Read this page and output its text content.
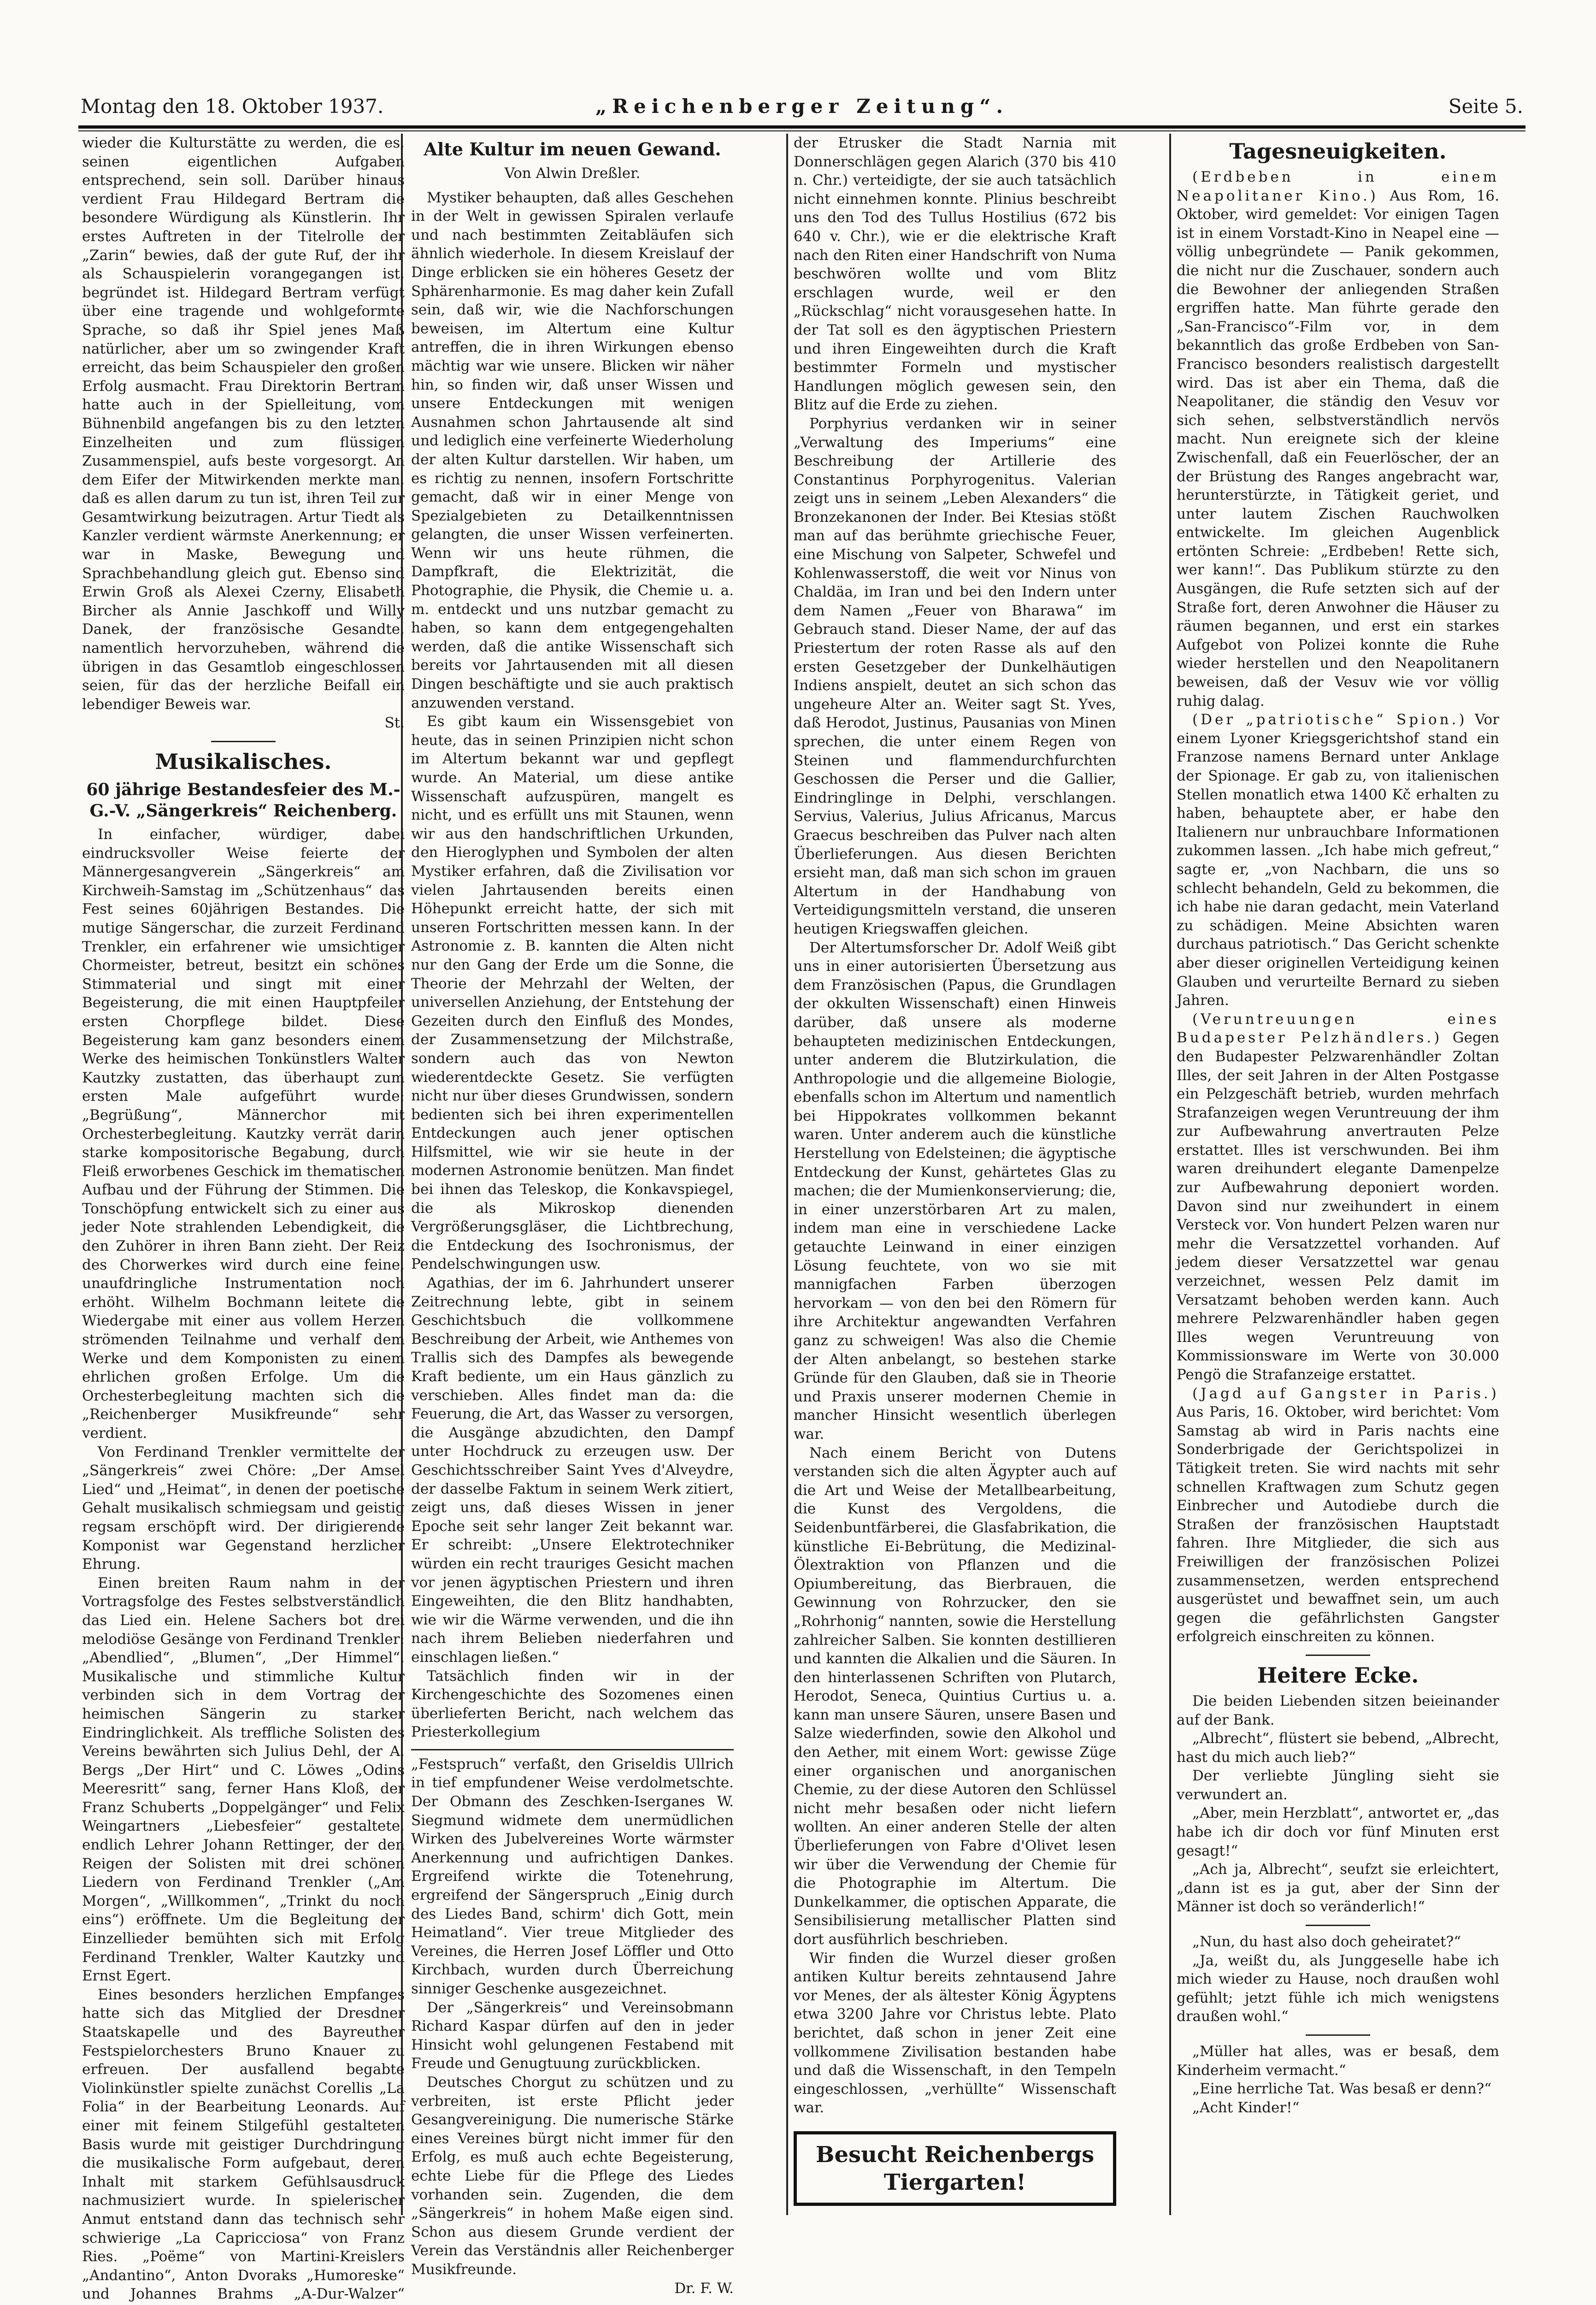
Montag den 18. Oktober 1937.	„Reichenberger Zeitung“.	Seite 5.

wieder die Kulturstätte zu werden, die es, seinen eigentlichen Aufgaben entsprechend, sein soll. Darüber hinaus verdient Frau Hildegard Bertram die besondere Würdigung als Künstlerin. Ihr erstes Auftreten in der Titelrolle der „Zarin“ bewies, daß der gute Ruf, der ihr als Schauspielerin vorangegangen ist, begründet ist. Hildegard Bertram verfügt über eine tragende und wohlgeformte Sprache, so daß ihr Spiel jenes Maß natürlicher, aber um so zwingender Kraft erreicht, das beim Schauspieler den großen Erfolg ausmacht. Frau Direktorin Bertram hatte auch in der Spielleitung, vom Bühnenbild angefangen bis zu den letzten Einzelheiten und zum flüssigen Zusammenspiel, aufs beste vorgesorgt. An dem Eifer der Mitwirkenden merkte man, daß es allen darum zu tun ist, ihren Teil zur Gesamtwirkung beizutragen. Artur Tiedt als Kanzler verdient wärmste Anerkennung; er war in Maske, Bewegung und Sprachbehandlung gleich gut. Ebenso sind Erwin Groß als Alexei Czerny, Elisabeth Bircher als Annie Jaschkoff und Willy Danek, der französische Gesandte, namentlich hervorzuheben, während die übrigen in das Gesamtlob eingeschlossen seien, für das der herzliche Beifall ein lebendiger Beweis war.

St.
Musikalisches.
60 jährige Bestandesfeier des M.-G.-V. „Sängerkreis“ Reichenberg.

In einfacher, würdiger, dabei eindrucksvoller Weise feierte der Männergesangverein „Sängerkreis“ am Kirchweih-Samstag im „Schützenhaus“ das Fest seines 60jährigen Bestandes. Die mutige Sängerschar, die zurzeit Ferdinand Trenkler, ein erfahrener wie umsichtiger Chormeister, betreut, besitzt ein schönes Stimmaterial und singt mit einer Begeisterung, die mit einen Hauptpfeiler ersten Chorpflege bildet. Diese Begeisterung kam ganz besonders einem Werke des heimischen Tonkünstlers Walter Kautzky zustatten, das überhaupt zum ersten Male aufgeführt wurde: „Begrüßung“, Männerchor mit Orchesterbegleitung. Kautzky verrät darin starke kompositorische Begabung, durch Fleiß erworbenes Geschick im thematischen Aufbau und der Führung der Stimmen. Die Tonschöpfung entwickelt sich zu einer aus jeder Note strahlenden Lebendigkeit, die den Zuhörer in ihren Bann zieht. Der Reiz des Chorwerkes wird durch eine feine, unaufdringliche Instrumentation noch erhöht. Wilhelm Bochmann leitete die Wiedergabe mit einer aus vollem Herzen strömenden Teilnahme und verhalf dem Werke und dem Komponisten zu einem ehrlichen großen Erfolge. Um die Orchesterbegleitung machten sich die „Reichenberger Musikfreunde“ sehr verdient.

Von Ferdinand Trenkler vermittelte der „Sängerkreis“ zwei Chöre: „Der Amsel Lied“ und „Heimat“, in denen der poetische Gehalt musikalisch schmiegsam und geistig regsam erschöpft wird. Der dirigierende Komponist war Gegenstand herzlicher Ehrung.

Einen breiten Raum nahm in der Vortragsfolge des Festes selbstverständlich das Lied ein. Helene Sachers bot drei melodiöse Gesänge von Ferdinand Trenkler: „Abendlied“, „Blumen“, „Der Himmel“. Musikalische und stimmliche Kultur verbinden sich in dem Vortrag der heimischen Sängerin zu starker Eindringlichkeit. Als treffliche Solisten des Vereins bewährten sich Julius Dehl, der A. Bergs „Der Hirt“ und C. Löwes „Odins Meeresritt“ sang, ferner Hans Kloß, der Franz Schuberts „Doppelgänger“ und Felix Weingartners „Liebesfeier“ gestaltete, endlich Lehrer Johann Rettinger, der den Reigen der Solisten mit drei schönen Liedern von Ferdinand Trenkler („Am Morgen“, „Willkommen“, „Trinkt du noch eins“) eröffnete. Um die Begleitung der Einzellieder bemühten sich mit Erfolg Ferdinand Trenkler, Walter Kautzky und Ernst Egert.

Eines besonders herzlichen Empfanges hatte sich das Mitglied der Dresdner Staatskapelle und des Bayreuther Festspielorchesters Bruno Knauer zu erfreuen. Der ausfallend begabte Violinkünstler spielte zunächst Corellis „La Folia“ in der Bearbeitung Leonards. Auf einer mit feinem Stilgefühl gestalteten Basis wurde mit geistiger Durchdringung die musikalische Form aufgebaut, deren Inhalt mit starkem Gefühlsausdruck nachmusiziert wurde. In spielerischer Anmut entstand dann das technisch sehr schwierige „La Capricciosa“ von Franz Ries. „Poëme“ von Martini-Kreislers „Andantino“, Anton Dvoraks „Humoreske“ und Johannes Brahms „A-Dur-Walzer“

Alte Kultur im neuen Gewand.
Von Alwin Dreßler.

Mystiker behaupten, daß alles Geschehen in der Welt in gewissen Spiralen verlaufe und nach bestimmten Zeitabläufen sich ähnlich wiederhole. In diesem Kreislauf der Dinge erblicken sie ein höheres Gesetz der Sphärenharmonie. Es mag daher kein Zufall sein, daß wir, wie die Nachforschungen beweisen, im Altertum eine Kultur antreffen, die in ihren Wirkungen ebenso mächtig war wie unsere. Blicken wir näher hin, so finden wir, daß unser Wissen und unsere Entdeckungen mit wenigen Ausnahmen schon Jahrtausende alt sind und lediglich eine verfeinerte Wiederholung der alten Kultur darstellen. Wir haben, um es richtig zu nennen, insofern Fortschritte gemacht, daß wir in einer Menge von Spezialgebieten zu Detailkenntnissen gelangten, die unser Wissen verfeinerten. Wenn wir uns heute rühmen, die Dampfkraft, die Elektrizität, die Photographie, die Physik, die Chemie u. a. m. entdeckt und uns nutzbar gemacht zu haben, so kann dem entgegengehalten werden, daß die antike Wissenschaft sich bereits vor Jahrtausenden mit all diesen Dingen beschäftigte und sie auch praktisch anzuwenden verstand.

Es gibt kaum ein Wissensgebiet von heute, das in seinen Prinzipien nicht schon im Altertum bekannt war und gepflegt wurde. An Material, um diese antike Wissenschaft aufzuspüren, mangelt es nicht, und es erfüllt uns mit Staunen, wenn wir aus den handschriftlichen Urkunden, den Hieroglyphen und Symbolen der alten Mystiker erfahren, daß die Zivilisation vor vielen Jahrtausenden bereits einen Höhepunkt erreicht hatte, der sich mit unseren Fortschritten messen kann. In der Astronomie z. B. kannten die Alten nicht nur den Gang der Erde um die Sonne, die Theorie der Mehrzahl der Welten, der universellen Anziehung, der Entstehung der Gezeiten durch den Einfluß des Mondes, der Zusammensetzung der Milchstraße, sondern auch das von Newton wiederentdeckte Gesetz. Sie verfügten nicht nur über dieses Grundwissen, sondern bedienten sich bei ihren experimentellen Entdeckungen auch jener optischen Hilfsmittel, wie wir sie heute in der modernen Astronomie benützen. Man findet bei ihnen das Teleskop, die Konkavspiegel, die als Mikroskop dienenden Vergrößerungsgläser, die Lichtbrechung, die Entdeckung des Isochronismus, der Pendelschwingungen usw.

Agathias, der im 6. Jahrhundert unserer Zeitrechnung lebte, gibt in seinem Geschichtsbuch die vollkommene Beschreibung der Arbeit, wie Anthemes von Trallis sich des Dampfes als bewegende Kraft bediente, um ein Haus gänzlich zu verschieben. Alles findet man da: die Feuerung, die Art, das Wasser zu versorgen, die Ausgänge abzudichten, den Dampf unter Hochdruck zu erzeugen usw. Der Geschichtsschreiber Saint Yves d'Alveydre, der dasselbe Faktum in seinem Werk zitiert, zeigt uns, daß dieses Wissen in jener Epoche seit sehr langer Zeit bekannt war. Er schreibt: „Unsere Elektrotechniker würden ein recht trauriges Gesicht machen vor jenen ägyptischen Priestern und ihren Eingeweihten, die den Blitz handhabten, wie wir die Wärme verwenden, und die ihn nach ihrem Belieben niederfahren und einschlagen ließen.“

Tatsächlich finden wir in der Kirchengeschichte des Sozomenes einen überlieferten Bericht, nach welchem das Priesterkollegium

„Festspruch“ verfaßt, den Griseldis Ullrich in tief empfundener Weise verdolmetschte. Der Obmann des Zeschken-Iserganes W. Siegmund widmete dem unermüdlichen Wirken des Jubelvereines Worte wärmster Anerkennung und aufrichtigen Dankes. Ergreifend wirkte die Totenehrung, ergreifend der Sängerspruch „Einig durch des Liedes Band, schirm' dich Gott, mein Heimatland“. Vier treue Mitglieder des Vereines, die Herren Josef Löffler und Otto Kirchbach, wurden durch Überreichung sinniger Geschenke ausgezeichnet.

Der „Sängerkreis“ und Vereinsobmann Richard Kaspar dürfen auf den in jeder Hinsicht wohl gelungenen Festabend mit Freude und Genugtuung zurückblicken.

Deutsches Chorgut zu schützen und zu verbreiten, ist erste Pflicht jeder Gesangvereinigung. Die numerische Stärke eines Vereines bürgt nicht immer für den Erfolg, es muß auch echte Begeisterung, echte Liebe für die Pflege des Liedes vorhanden sein. Zugenden, die dem „Sängerkreis“ in hohem Maße eigen sind. Schon aus diesem Grunde verdient der Verein das Verständnis aller Reichenberger Musikfreunde.

Dr. F. W.

der Etrusker die Stadt Narnia mit Donnerschlägen gegen Alarich (370 bis 410 n. Chr.) verteidigte, der sie auch tatsächlich nicht einnehmen konnte. Plinius beschreibt uns den Tod des Tullus Hostilius (672 bis 640 v. Chr.), wie er die elektrische Kraft nach den Riten einer Handschrift von Numa beschwören wollte und vom Blitz erschlagen wurde, weil er den „Rückschlag“ nicht vorausgesehen hatte. In der Tat soll es den ägyptischen Priestern und ihren Eingeweihten durch die Kraft bestimmter Formeln und mystischer Handlungen möglich gewesen sein, den Blitz auf die Erde zu ziehen.

Porphyrius verdanken wir in seiner „Verwaltung des Imperiums“ eine Beschreibung der Artillerie des Constantinus Porphyrogenitus. Valerian zeigt uns in seinem „Leben Alexanders“ die Bronzekanonen der Inder. Bei Ktesias stößt man auf das berühmte griechische Feuer, eine Mischung von Salpeter, Schwefel und Kohlenwasserstoff, die weit vor Ninus von Chaldäa, im Iran und bei den Indern unter dem Namen „Feuer von Bharawa“ im Gebrauch stand. Dieser Name, der auf das Priestertum der roten Rasse als auf den ersten Gesetzgeber der Dunkelhäutigen Indiens anspielt, deutet an sich schon das ungeheure Alter an. Weiter sagt St. Yves, daß Herodot, Justinus, Pausanias von Minen sprechen, die unter einem Regen von Steinen und flammendurchfurchten Geschossen die Perser und die Gallier, Eindringlinge in Delphi, verschlangen. Servius, Valerius, Julius Africanus, Marcus Graecus beschreiben das Pulver nach alten Überlieferungen. Aus diesen Berichten ersieht man, daß man sich schon im grauen Altertum in der Handhabung von Verteidigungsmitteln verstand, die unseren heutigen Kriegswaffen gleichen.

Der Altertumsforscher Dr. Adolf Weiß gibt uns in einer autorisierten Übersetzung aus dem Französischen (Papus, die Grundlagen der okkulten Wissenschaft) einen Hinweis darüber, daß unsere als moderne behaupteten medizinischen Entdeckungen, unter anderem die Blutzirkulation, die Anthropologie und die allgemeine Biologie, ebenfalls schon im Altertum und namentlich bei Hippokrates vollkommen bekannt waren. Unter anderem auch die künstliche Herstellung von Edelsteinen; die ägyptische Entdeckung der Kunst, gehärtetes Glas zu machen; die der Mumienkonservierung; die, in einer unzerstörbaren Art zu malen, indem man eine in verschiedene Lacke getauchte Leinwand in einer einzigen Lösung feuchtete, von wo sie mit mannigfachen Farben überzogen hervorkam — von den bei den Römern für ihre Architektur angewandten Verfahren ganz zu schweigen! Was also die Chemie der Alten anbelangt, so bestehen starke Gründe für den Glauben, daß sie in Theorie und Praxis unserer modernen Chemie in mancher Hinsicht wesentlich überlegen war.

Nach einem Bericht von Dutens verstanden sich die alten Ägypter auch auf die Art und Weise der Metallbearbeitung, die Kunst des Vergoldens, die Seidenbuntfärberei, die Glasfabrikation, die künstliche Ei-Bebrütung, die Medizinal-Ölextraktion von Pflanzen und die Opiumbereitung, das Bierbrauen, die Gewinnung von Rohrzucker, den sie „Rohrhonig“ nannten, sowie die Herstellung zahlreicher Salben. Sie konnten destillieren und kannten die Alkalien und die Säuren. In den hinterlassenen Schriften von Plutarch, Herodot, Seneca, Quintius Curtius u. a. kann man unsere Säuren, unsere Basen und Salze wiederfinden, sowie den Alkohol und den Aether, mit einem Wort: gewisse Züge einer organischen und anorganischen Chemie, zu der diese Autoren den Schlüssel nicht mehr besaßen oder nicht liefern wollten. An einer anderen Stelle der alten Überlieferungen von Fabre d'Olivet lesen wir über die Verwendung der Chemie für die Photographie im Altertum. Die Dunkelkammer, die optischen Apparate, die Sensibilisierung metallischer Platten sind dort ausführlich beschrieben.

Wir finden die Wurzel dieser großen antiken Kultur bereits zehntausend Jahre vor Menes, der als ältester König Ägyptens etwa 3200 Jahre vor Christus lebte. Plato berichtet, daß schon in jener Zeit eine vollkommene Zivilisation bestanden habe und daß die Wissenschaft, in den Tempeln eingeschlossen, „verhüllte“ Wissenschaft war.

Besucht Reichenbergs Tiergarten!
Tagesneuigkeiten.

(Erdbeben in einem Neapolitaner Kino.) Aus Rom, 16. Oktober, wird gemeldet: Vor einigen Tagen ist in einem Vorstadt-Kino in Neapel eine — völlig unbegründete — Panik gekommen, die nicht nur die Zuschauer, sondern auch die Bewohner der anliegenden Straßen ergriffen hatte. Man führte gerade den „San-Francisco“-Film vor, in dem bekanntlich das große Erdbeben von San-Francisco besonders realistisch dargestellt wird. Das ist aber ein Thema, daß die Neapolitaner, die ständig den Vesuv vor sich sehen, selbstverständlich nervös macht. Nun ereignete sich der kleine Zwischenfall, daß ein Feuerlöscher, der an der Brüstung des Ranges angebracht war, herunterstürzte, in Tätigkeit geriet, und unter lautem Zischen Rauchwolken entwickelte. Im gleichen Augenblick ertönten Schreie: „Erdbeben! Rette sich, wer kann!“. Das Publikum stürzte zu den Ausgängen, die Rufe setzten sich auf der Straße fort, deren Anwohner die Häuser zu räumen begannen, und erst ein starkes Aufgebot von Polizei konnte die Ruhe wieder herstellen und den Neapolitanern beweisen, daß der Vesuv wie vor völlig ruhig dalag.

(Der „patriotische“ Spion.) Vor einem Lyoner Kriegsgerichtshof stand ein Franzose namens Bernard unter Anklage der Spionage. Er gab zu, von italienischen Stellen monatlich etwa 1400 Kč erhalten zu haben, behauptete aber, er habe den Italienern nur unbrauchbare Informationen zukommen lassen. „Ich habe mich gefreut,“ sagte er, „von Nachbarn, die uns so schlecht behandeln, Geld zu bekommen, die ich habe nie daran gedacht, mein Vaterland zu schädigen. Meine Absichten waren durchaus patriotisch.“ Das Gericht schenkte aber dieser originellen Verteidigung keinen Glauben und verurteilte Bernard zu sieben Jahren.

(Veruntreuungen eines Budapester Pelzhändlers.) Gegen den Budapester Pelzwarenhändler Zoltan Illes, der seit Jahren in der Alten Postgasse ein Pelzgeschäft betrieb, wurden mehrfach Strafanzeigen wegen Veruntreuung der ihm zur Aufbewahrung anvertrauten Pelze erstattet. Illes ist verschwunden. Bei ihm waren dreihundert elegante Damenpelze zur Aufbewahrung deponiert worden. Davon sind nur zweihundert in einem Versteck vor. Von hundert Pelzen waren nur mehr die Versatzzettel vorhanden. Auf jedem dieser Versatzzettel war genau verzeichnet, wessen Pelz damit im Versatzamt behoben werden kann. Auch mehrere Pelzwarenhändler haben gegen Illes wegen Veruntreuung von Kommissionsware im Werte von 30.000 Pengö die Strafanzeige erstattet.

(Jagd auf Gangster in Paris.) Aus Paris, 16. Oktober, wird berichtet: Vom Samstag ab wird in Paris nachts eine Sonderbrigade der Gerichtspolizei in Tätigkeit treten. Sie wird nachts mit sehr schnellen Kraftwagen zum Schutz gegen Einbrecher und Autodiebe durch die Straßen der französischen Hauptstadt fahren. Ihre Mitglieder, die sich aus Freiwilligen der französischen Polizei zusammensetzen, werden entsprechend ausgerüstet und bewaffnet sein, um auch gegen die gefährlichsten Gangster erfolgreich einschreiten zu können.

Heitere Ecke.

Die beiden Liebenden sitzen beieinander auf der Bank.

„Albrecht“, flüstert sie bebend, „Albrecht, hast du mich auch lieb?“

Der verliebte Jüngling sieht sie verwundert an.

„Aber, mein Herzblatt“, antwortet er, „das habe ich dir doch vor fünf Minuten erst gesagt!“

„Ach ja, Albrecht“, seufzt sie erleichtert, „dann ist es ja gut, aber der Sinn der Männer ist doch so veränderlich!“

„Nun, du hast also doch geheiratet?“

„Ja, weißt du, als Junggeselle habe ich mich wieder zu Hause, noch draußen wohl gefühlt; jetzt fühle ich mich wenigstens draußen wohl.“

„Müller hat alles, was er besaß, dem Kinderheim vermacht.“

„Eine herrliche Tat. Was besaß er denn?“

„Acht Kinder!“
